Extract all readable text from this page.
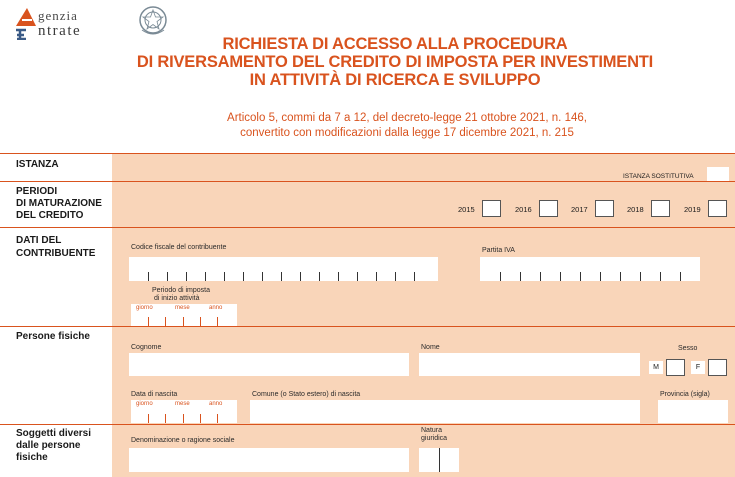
genzia
ntrate
RICHIESTA DI ACCESSO ALLA PROCEDURA
DI RIVERSAMENTO DEL CREDITO DI IMPOSTA PER INVESTIMENTI
IN ATTIVITÀ DI RICERCA E SVILUPPO
Articolo 5, commi da 7 a 12, del decreto-legge 21 ottobre 2021, n. 146,
convertito con modificazioni dalla legge 17 dicembre 2021, n. 215
ISTANZA
ISTANZA SOSTITUTIVA
PERIODI
DI MATURAZIONE
DEL CREDITO
2015	2016	2017	2018	2019
DATI DEL
CONTRIBUENTE
Codice fiscale del contribuente	Partita IVA
Periodo di imposta
di inizio attività
giorno	mese	anno
Persone fisiche
Cognome	Nome	Sesso
M	F
Data di nascita
giorno	mese	anno
Comune (o Stato estero) di nascita	Provincia (sigla)
Soggetti diversi
dalle persone
fisiche
Denominazione o ragione sociale
Natura
giuridica
